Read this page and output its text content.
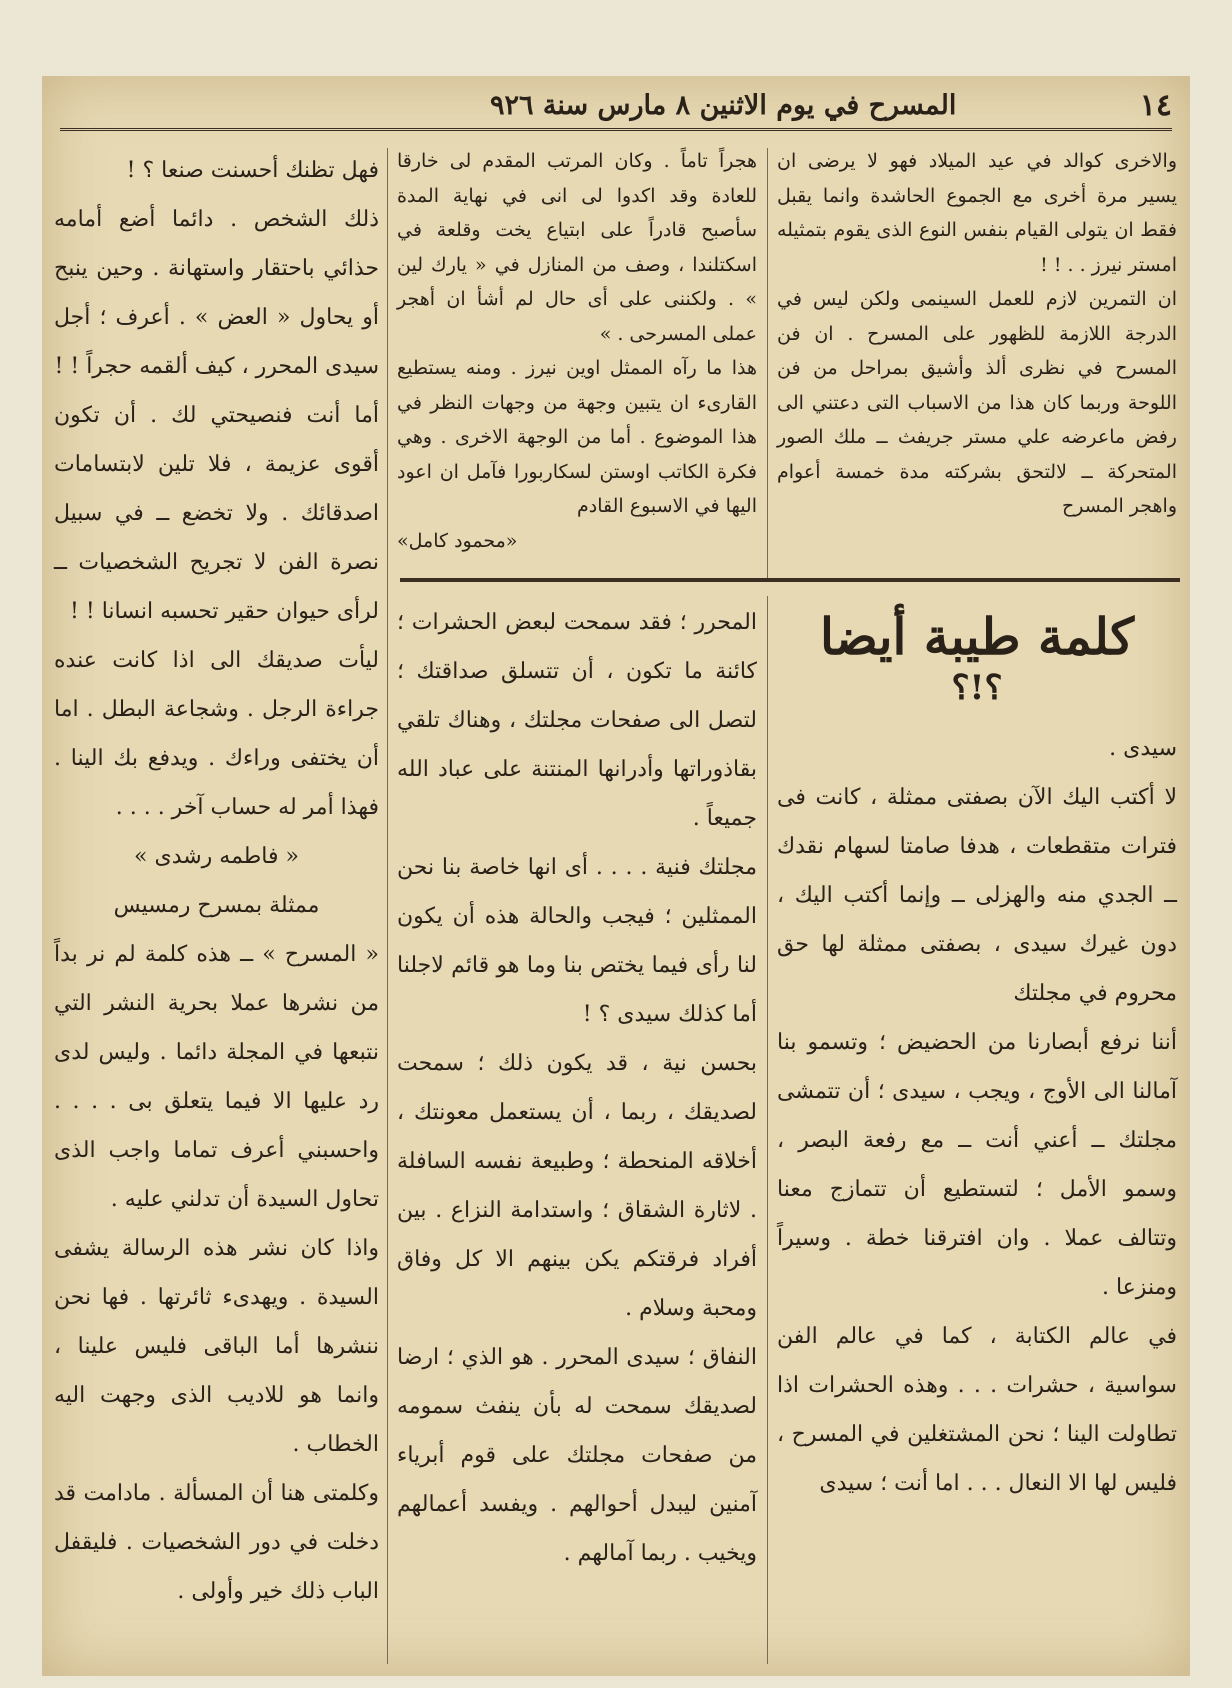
١٤
المسرح في يوم الاثنين ٨ مارس سنة ٩٢٦

والاخرى كوالد في عيد الميلاد فهو لا يرضى ان يسير مرة أخرى مع الجموع الحاشدة وانما يقبل فقط ان يتولى القيام بنفس النوع الذى يقوم بتمثيله امستر نيرز . . ! !

ان التمرين لازم للعمل السينمى ولكن ليس في الدرجة اللازمة للظهور على المسرح . ان فن المسرح في نظرى ألذ وأشيق بمراحل من فن اللوحة وربما كان هذا من الاسباب التى دعتني الى رفض ماعرضه علي مستر جريفث ــ ملك الصور المتحركة ــ لالتحق بشركته مدة خمسة أعوام واهجر المسرح

هجراً تاماً . وكان المرتب المقدم لى خارقا للعادة وقد اكدوا لى انى في نهاية المدة سأصبح قادراً على ابتياع يخت وقلعة في اسكتلندا ، وصف من المنازل في « يارك لين » . ولكننى على أى حال لم أشأ ان أهجر عملى المسرحى . »

هذا ما رآه الممثل اوين نيرز . ومنه يستطيع القارىء ان يتبين وجهة من وجهات النظر في هذا الموضوع . أما من الوجهة الاخرى . وهي فكرة الكاتب اوستن لسكاربورا فآمل ان اعود اليها في الاسبوع القادم

«محمود كامل»
كلمة طيبة أيضا
؟!؟

سيدى .

لا أكتب اليك الآن بصفتى ممثلة ، كانت فى فترات متقطعات ، هدفا صامتا لسهام نقدك ــ الجدي منه والهزلى ــ وإنما أكتب اليك ، دون غيرك سيدى ، بصفتى ممثلة لها حق محروم في مجلتك

أننا نرفع أبصارنا من الحضيض ؛ وتسمو بنا آمالنا الى الأوج ، ويجب ، سيدى ؛ أن تتمشى مجلتك ــ أعني أنت ــ مع رفعة البصر ، وسمو الأمل ؛ لتستطيع أن تتمازج معنا وتتالف عملا . وان افترقنا خطة . وسيراً ومنزعا .

في عالم الكتابة ، كما في عالم الفن سواسية ، حشرات . . . وهذه الحشرات اذا تطاولت الينا ؛ نحن المشتغلين في المسرح ، فليس لها الا النعال . . . اما أنت ؛ سيدى

المحرر ؛ فقد سمحت لبعض الحشرات ؛ كائنة ما تكون ، أن تتسلق صداقتك ؛ لتصل الى صفحات مجلتك ، وهناك تلقي بقاذوراتها وأدرانها المنتنة على عباد الله جميعاً .

مجلتك فنية . . . . أى انها خاصة بنا نحن الممثلين ؛ فيجب والحالة هذه أن يكون لنا رأى فيما يختص بنا وما هو قائم لاجلنا أما كذلك سيدى ؟ !

بحسن نية ، قد يكون ذلك ؛ سمحت لصديقك ، ربما ، أن يستعمل معونتك ، أخلاقه المنحطة ؛ وطبيعة نفسه السافلة . لاثارة الشقاق ؛ واستدامة النزاع . بين أفراد فرقتكم يكن بينهم الا كل وفاق ومحبة وسلام .

النفاق ؛ سيدى المحرر . هو الذي ؛ ارضا لصديقك سمحت له بأن ينفث سمومه من صفحات مجلتك على قوم أبرياء آمنين ليبدل أحوالهم . ويفسد أعمالهم ويخيب . ربما آمالهم .

فهل تظنك أحسنت صنعا ؟ !

ذلك الشخص . دائما أضع أمامه حذائي باحتقار واستهانة . وحين ينبح أو يحاول « العض » . أعرف ؛ أجل سيدى المحرر ، كيف ألقمه حجراً ! !

أما أنت فنصيحتي لك . أن تكون أقوى عزيمة ، فلا تلين لابتسامات اصدقائك . ولا تخضع ــ في سبيل نصرة الفن لا تجريح الشخصيات ــ لرأى حيوان حقير تحسبه انسانا ! !

ليأت صديقك الى اذا كانت عنده جراءة الرجل . وشجاعة البطل . اما أن يختفى وراءك . ويدفع بك الينا . فهذا أمر له حساب آخر . . . .

« فاطمه رشدى »

ممثلة بمسرح رمسيس

« المسرح » ــ هذه كلمة لم نر بداً من نشرها عملا بحرية النشر التي نتبعها في المجلة دائما . وليس لدى رد عليها الا فيما يتعلق بى . . . . واحسبني أعرف تماما واجب الذى تحاول السيدة أن تدلني عليه .

واذا كان نشر هذه الرسالة يشفى السيدة . ويهدىء ثائرتها . فها نحن ننشرها أما الباقى فليس علينا ، وانما هو للاديب الذى وجهت اليه الخطاب .

وكلمتى هنا أن المسألة . مادامت قد دخلت في دور الشخصيات . فليقفل الباب ذلك خير وأولى .
